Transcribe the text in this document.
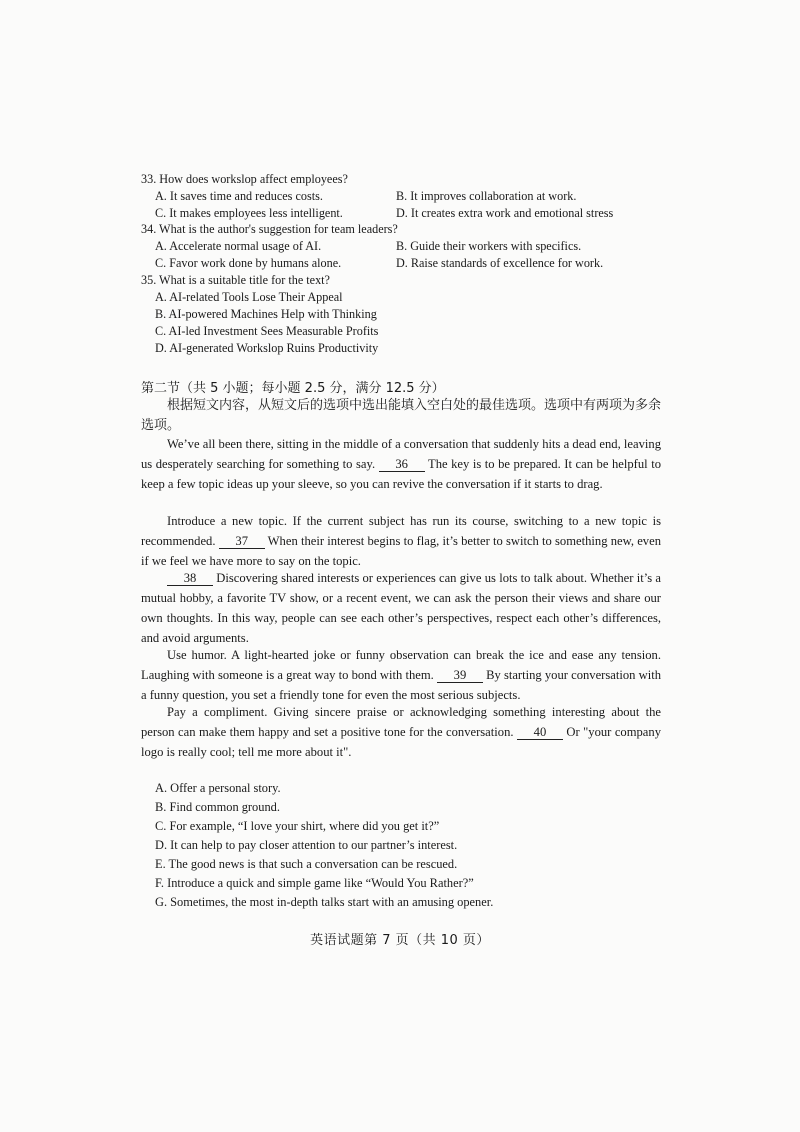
33. How does workslop affect employees?
A. It saves time and reduces costs.	B. It improves collaboration at work.
C. It makes employees less intelligent.	D. It creates extra work and emotional stress
34. What is the author's suggestion for team leaders?
A. Accelerate normal usage of AI.	B. Guide their workers with specifics.
C. Favor work done by humans alone.	D. Raise standards of excellence for work.
35. What is a suitable title for the text?
A. AI-related Tools Lose Their Appeal
B. AI-powered Machines Help with Thinking
C. AI-led Investment Sees Measurable Profits
D. AI-generated Workslop Ruins Productivity
第二节（共 5 小题；每小题 2.5 分，满分 12.5 分）
根据短文内容，从短文后的选项中选出能填入空白处的最佳选项。选项中有两项为多余选项。
We’ve all been there, sitting in the middle of a conversation that suddenly hits a dead end, leaving us desperately searching for something to say. 36 The key is to be prepared. It can be helpful to keep a few topic ideas up your sleeve, so you can revive the conversation if it starts to drag.
Introduce a new topic. If the current subject has run its course, switching to a new topic is recommended. 37 When their interest begins to flag, it’s better to switch to something new, even if we feel we have more to say on the topic.
38 Discovering shared interests or experiences can give us lots to talk about. Whether it’s a mutual hobby, a favorite TV show, or a recent event, we can ask the person their views and share our own thoughts. In this way, people can see each other’s perspectives, respect each other’s differences, and avoid arguments.
Use humor. A light-hearted joke or funny observation can break the ice and ease any tension. Laughing with someone is a great way to bond with them. 39 By starting your conversation with a funny question, you set a friendly tone for even the most serious subjects.
Pay a compliment. Giving sincere praise or acknowledging something interesting about the person can make them happy and set a positive tone for the conversation. 40 Or "your company logo is really cool; tell me more about it".
A. Offer a personal story.
B. Find common ground.
C. For example, “I love your shirt, where did you get it?”
D. It can help to pay closer attention to our partner’s interest.
E. The good news is that such a conversation can be rescued.
F. Introduce a quick and simple game like “Would You Rather?”
G. Sometimes, the most in-depth talks start with an amusing opener.
英语试题第 7 页（共 10 页）
